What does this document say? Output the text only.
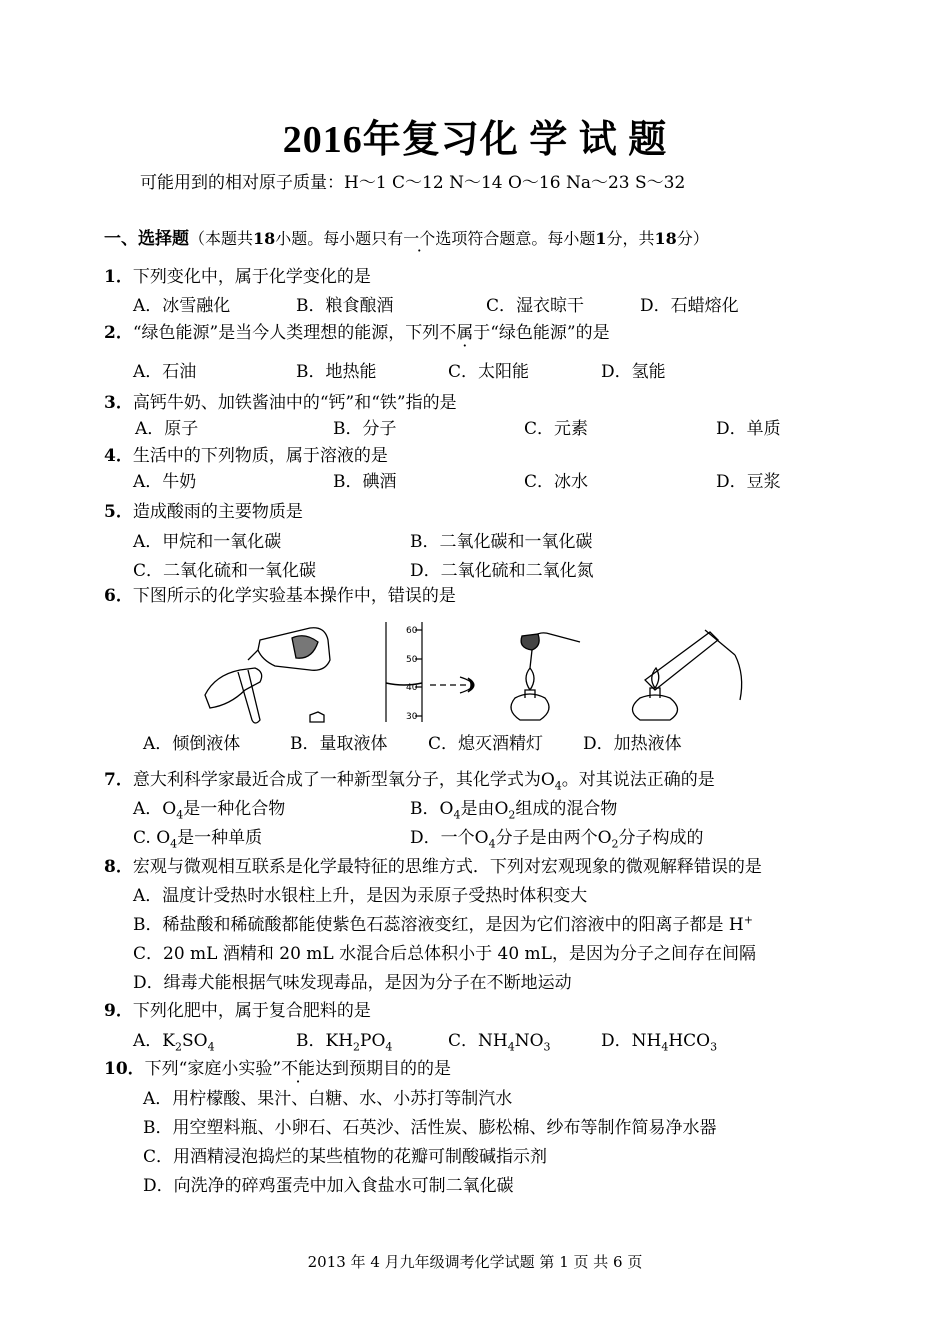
2016年复习化 学 试 题
可能用到的相对原子质量：H～1 C～12 N～14 O～16 Na～23 S～32
一、选择题（本题共18小题。每小题只有一个选项符合题意。每小题1分，共18分）
1．下列变化中，属于化学变化的是
A．冰雪融化	B．粮食酿酒	C．湿衣晾干	D．石蜡熔化
2．“绿色能源”是当今人类理想的能源，下列不属于“绿色能源”的是
A．石油	B．地热能	C．太阳能	D．氢能
3．高钙牛奶、加铁酱油中的“钙”和“铁”指的是
A．原子	B．分子	C．元素	D．单质
4．生活中的下列物质，属于溶液的是
A．牛奶	B．碘酒	C．冰水	D．豆浆
5．造成酸雨的主要物质是
A．甲烷和一氧化碳	B．二氧化碳和一氧化碳
C．二氧化硫和一氧化碳	D．二氧化硫和二氧化氮
6．下图所示的化学实验基本操作中，错误的是
60
50
40
30
A．倾倒液体	B．量取液体 C．熄灭酒精灯 D．加热液体
7．意大利科学家最近合成了一种新型氧分子，其化学式为$O_4$。对其说法正确的是
A．$O_4$是一种化合物	B．$O_4$是由$O_2$组成的混合物
C. $O_4$是一种单质	D．一个$O_4$分子是由两个$O_2$分子构成的
8．宏观与微观相互联系是化学最特征的思维方式．下列对宏观现象的微观解释错误的是
A．温度计受热时水银柱上升，是因为汞原子受热时体积变大
B．稀盐酸和稀硫酸都能使紫色石蕊溶液变红，是因为它们溶液中的阳离子都是 H+
C．20 mL 酒精和 20 mL 水混合后总体积小于 40 mL，是因为分子之间存在间隔
D．缉毒犬能根据气味发现毒品，是因为分子在不断地运动
9．下列化肥中，属于复合肥料的是
A．$K_2SO_4$	B．$KH_2PO_4$	C．$NH_4NO_3$	D．$NH_4HCO_3$
10．下列“家庭小实验”不能达到预期目的的是
A．用柠檬酸、果汁、白糖、水、小苏打等制汽水
B．用空塑料瓶、小卵石、石英沙、活性炭、膨松棉、纱布等制作简易净水器
C．用酒精浸泡捣烂的某些植物的花瓣可制酸碱指示剂
D．向洗净的碎鸡蛋壳中加入食盐水可制二氧化碳
2013 年 4 月九年级调考化学试题 第 1 页 共 6 页
